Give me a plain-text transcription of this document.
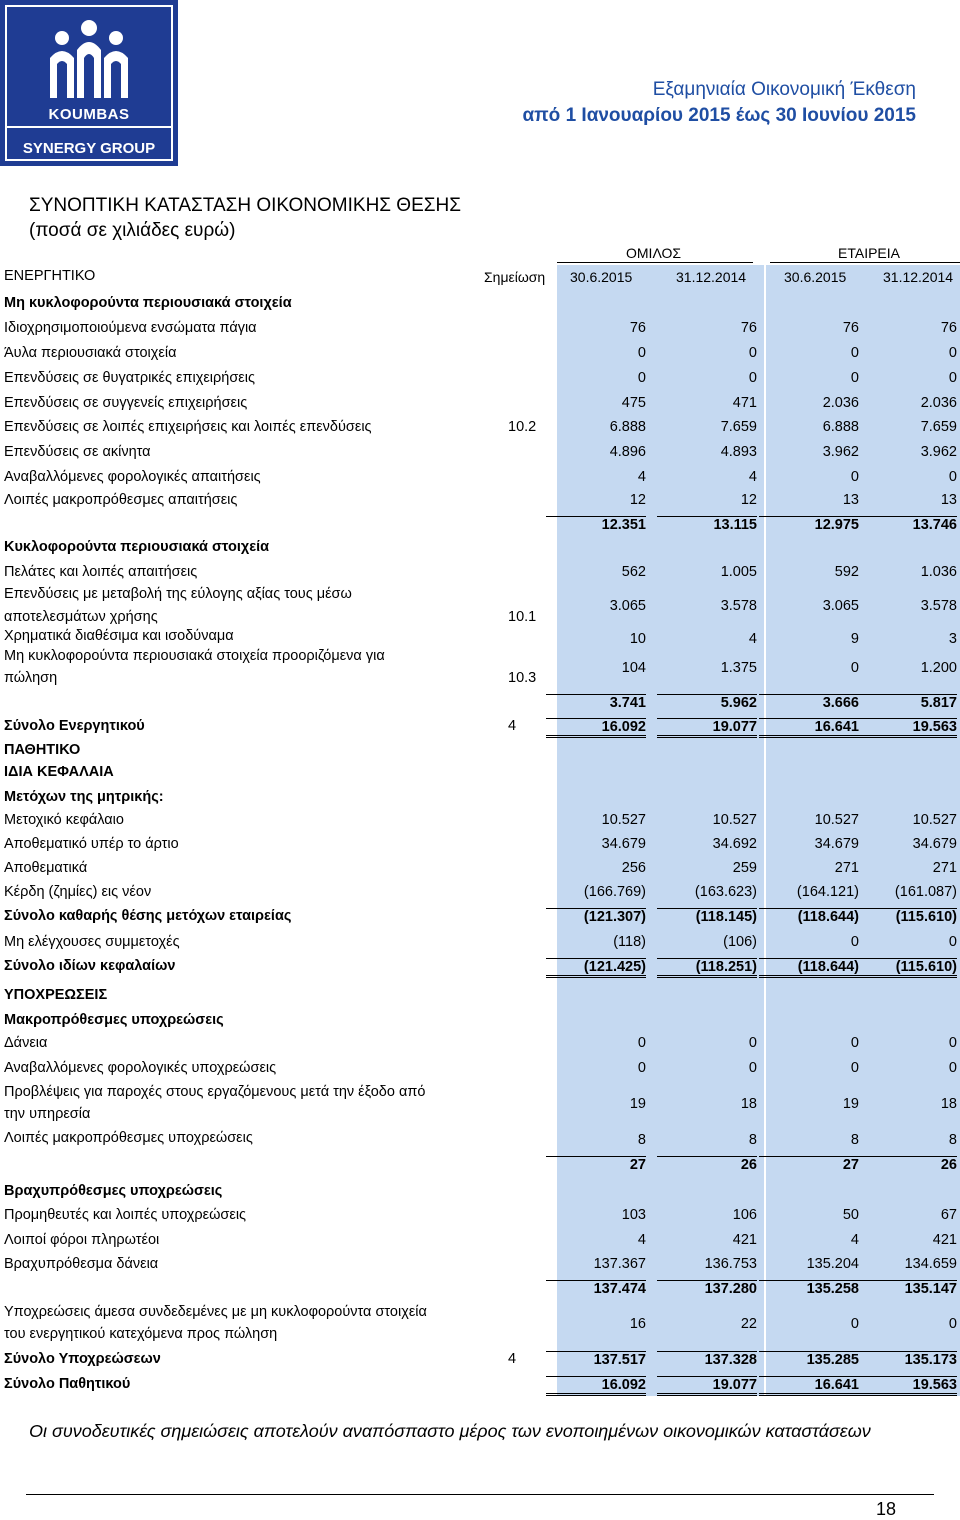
KOUMBAS
SYNERGY GROUP
Εξαμηνιαία Οικονομική Έκθεση
από 1 Ιανουαρίου 2015 έως 30 Ιουνίου 2015
ΣΥΝΟΠΤΙΚΗ ΚΑΤΑΣΤΑΣΗ ΟΙΚΟΝΟΜΙΚΗΣ ΘΕΣΗΣ
(ποσά σε χιλιάδες ευρώ)
ΟΜΙΛΟΣ	ΕΤΑΙΡΕΙΑ
ΕΝΕΡΓΗΤΙΚΟ	Σημείωση 30.6.2015	31.12.2014	30.6.2015	31.12.2014
Μη κυκλοφορούντα περιουσιακά στοιχεία
Ιδιοχρησιμοποιούμενα ενσώματα πάγια	76	76	76	76
Άυλα περιουσιακά στοιχεία	0	0	0	0
Επενδύσεις σε θυγατρικές επιχειρήσεις	0	0	0	0
Επενδύσεις σε συγγενείς επιχειρήσεις	475	471	2.036	2.036
Επενδύσεις σε λοιπές επιχειρήσεις και λοιπές επενδύσεις	10.2	6.888	7.659	6.888	7.659
Επενδύσεις σε ακίνητα	4.896	4.893	3.962	3.962
Αναβαλλόμενες φορολογικές απαιτήσεις	4	4	0	0
Λοιπές μακροπρόθεσμες απαιτήσεις	12	12	13	13
12.351	13.115	12.975	13.746
Κυκλοφορούντα περιουσιακά στοιχεία
Πελάτες και λοιπές απαιτήσεις	562	1.005	592	1.036
Επενδύσεις με μεταβολή της εύλογης αξίας τους μέσω
αποτελεσμάτων χρήσης	10.1
3.065	3.578	3.065	3.578
Χρηματικά διαθέσιμα και ισοδύναμα	10	4	9	3
Μη κυκλοφορούντα περιουσιακά στοιχεία προοριζόμενα για
πώληση	10.3
104	1.375	0	1.200
3.741	5.962	3.666	5.817
Σύνολο Ενεργητικού	4	16.092	19.077	16.641	19.563
ΠΑΘΗΤΙΚΟ
ΙΔΙΑ ΚΕΦΑΛΑΙΑ
Μετόχων της μητρικής:
Μετοχικό κεφάλαιο	10.527	10.527	10.527	10.527
Αποθεματικό υπέρ το άρτιο	34.679	34.692	34.679	34.679
Αποθεματικά	256	259	271	271
Κέρδη (ζημίες) εις νέον	(166.769)	(163.623)	(164.121)	(161.087)
Σύνολο καθαρής θέσης μετόχων εταιρείας	(121.307)	(118.145)	(118.644)	(115.610)
Μη ελέγχουσες συμμετοχές	(118)	(106)	0	0
Σύνολο ιδίων κεφαλαίων	(121.425)	(118.251)	(118.644)	(115.610)
ΥΠΟΧΡΕΩΣΕΙΣ
Μακροπρόθεσμες υποχρεώσεις
Δάνεια	0	0	0	0
Αναβαλλόμενες φορολογικές υποχρεώσεις	0	0	0	0
Προβλέψεις για παροχές στους εργαζόμενους μετά την έξοδο από
την υπηρεσία
19	18	19	18
Λοιπές μακροπρόθεσμες υποχρεώσεις	8	8	8	8
27	26	27	26
Βραχυπρόθεσμες υποχρεώσεις
Προμηθευτές και λοιπές υποχρεώσεις	103	106	50	67
Λοιποί φόροι πληρωτέοι	4	421	4	421
Βραχυπρόθεσμα δάνεια	137.367	136.753	135.204	134.659
137.474	137.280	135.258	135.147
Υποχρεώσεις άμεσα συνδεδεμένες με μη κυκλοφορούντα στοιχεία
του ενεργητικού κατεχόμενα προς πώληση
16	22	0	0
Σύνολο Υποχρεώσεων	4	137.517	137.328	135.285	135.173
Σύνολο Παθητικού	16.092	19.077	16.641	19.563
Οι συνοδευτικές σημειώσεις αποτελούν αναπόσπαστο μέρος των ενοποιημένων οικονομικών καταστάσεων
18
